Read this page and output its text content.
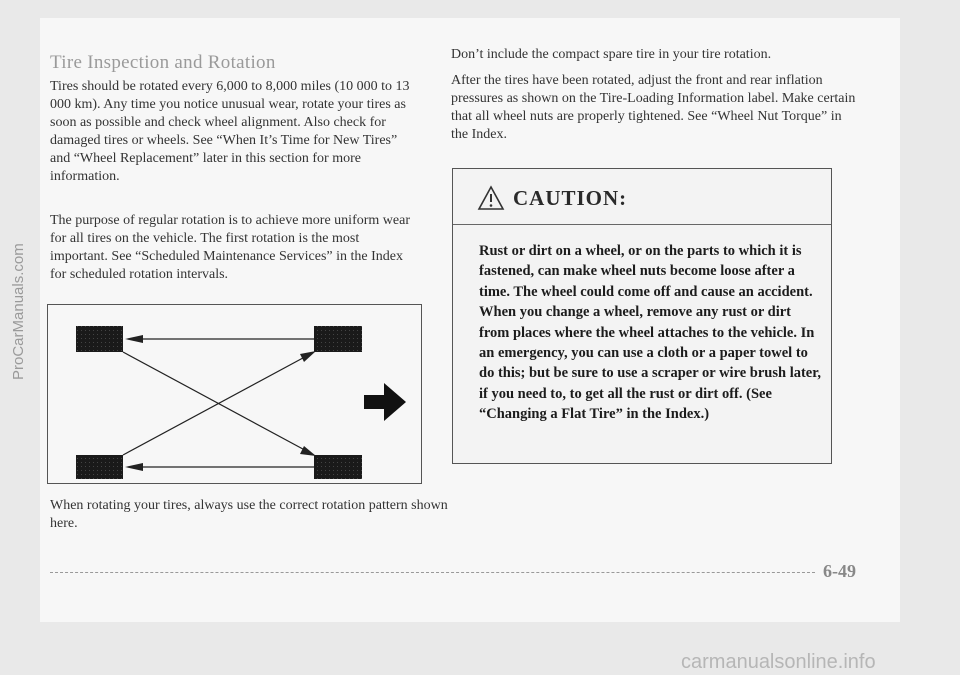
Tire Inspection and Rotation

Tires should be rotated every 6,000 to 8,000 miles (10 000 to 13 000 km). Any time you notice unusual wear, rotate your tires as soon as possible and check wheel alignment. Also check for damaged tires or wheels. See “When It’s Time for New Tires” and “Wheel Replacement” later in this section for more information.

The purpose of regular rotation is to achieve more uniform wear for all tires on the vehicle. The first rotation is the most important. See “Scheduled Maintenance Services” in the Index for scheduled rotation intervals.

When rotating your tires, always use the correct rotation pattern shown here.

Don’t include the compact spare tire in your tire rotation.

After the tires have been rotated, adjust the front and rear inflation pressures as shown on the Tire-Loading Information label. Make certain that all wheel nuts are properly tightened. See “Wheel Nut Torque” in the Index.

CAUTION:

Rust or dirt on a wheel, or on the parts to which it is fastened, can make wheel nuts become loose after a time. The wheel could come off and cause an accident. When you change a wheel, remove any rust or dirt from places where the wheel attaches to the vehicle. In an emergency, you can use a cloth or a paper towel to do this; but be sure to use a scraper or wire brush later, if you need to, to get all the rust or dirt off. (See “Changing a Flat Tire” in the Index.)

6-49
ProCarManuals.com
carmanualsonline.info
